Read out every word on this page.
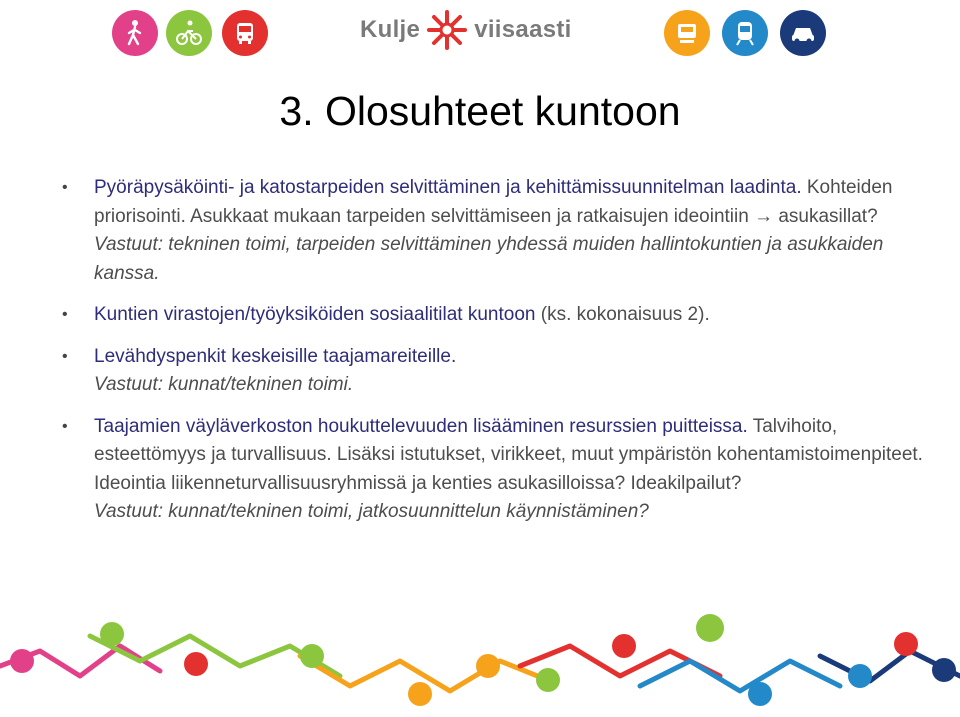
Kulje viisaasti
3. Olosuhteet kuntoon
• Pyöräpysäköinti- ja katostarpeiden selvittäminen ja kehittämissuunnitelman laadinta. Kohteiden priorisointi. Asukkaat mukaan tarpeiden selvittämiseen ja ratkaisujen ideointiin → asukasillat?
Vastuut: tekninen toimi, tarpeiden selvittäminen yhdessä muiden hallintokuntien ja asukkaiden kanssa.
• Kuntien virastojen/työyksiköiden sosiaalitilat kuntoon (ks. kokonaisuus 2).
• Levähdyspenkit keskeisille taajamareiteille.
Vastuut: kunnat/tekninen toimi.
• Taajamien väyläverkoston houkuttelevuuden lisääminen resurssien puitteissa. Talvihoito, esteettömyys ja turvallisuus. Lisäksi istutukset, virikkeet, muut ympäristön kohentamistoimenpiteet. Ideointia liikenneturvallisuusryhmissä ja kenties asukasilloissa? Ideakilpailut?
Vastuut: kunnat/tekninen toimi, jatkosuunnittelun käynnistäminen?
